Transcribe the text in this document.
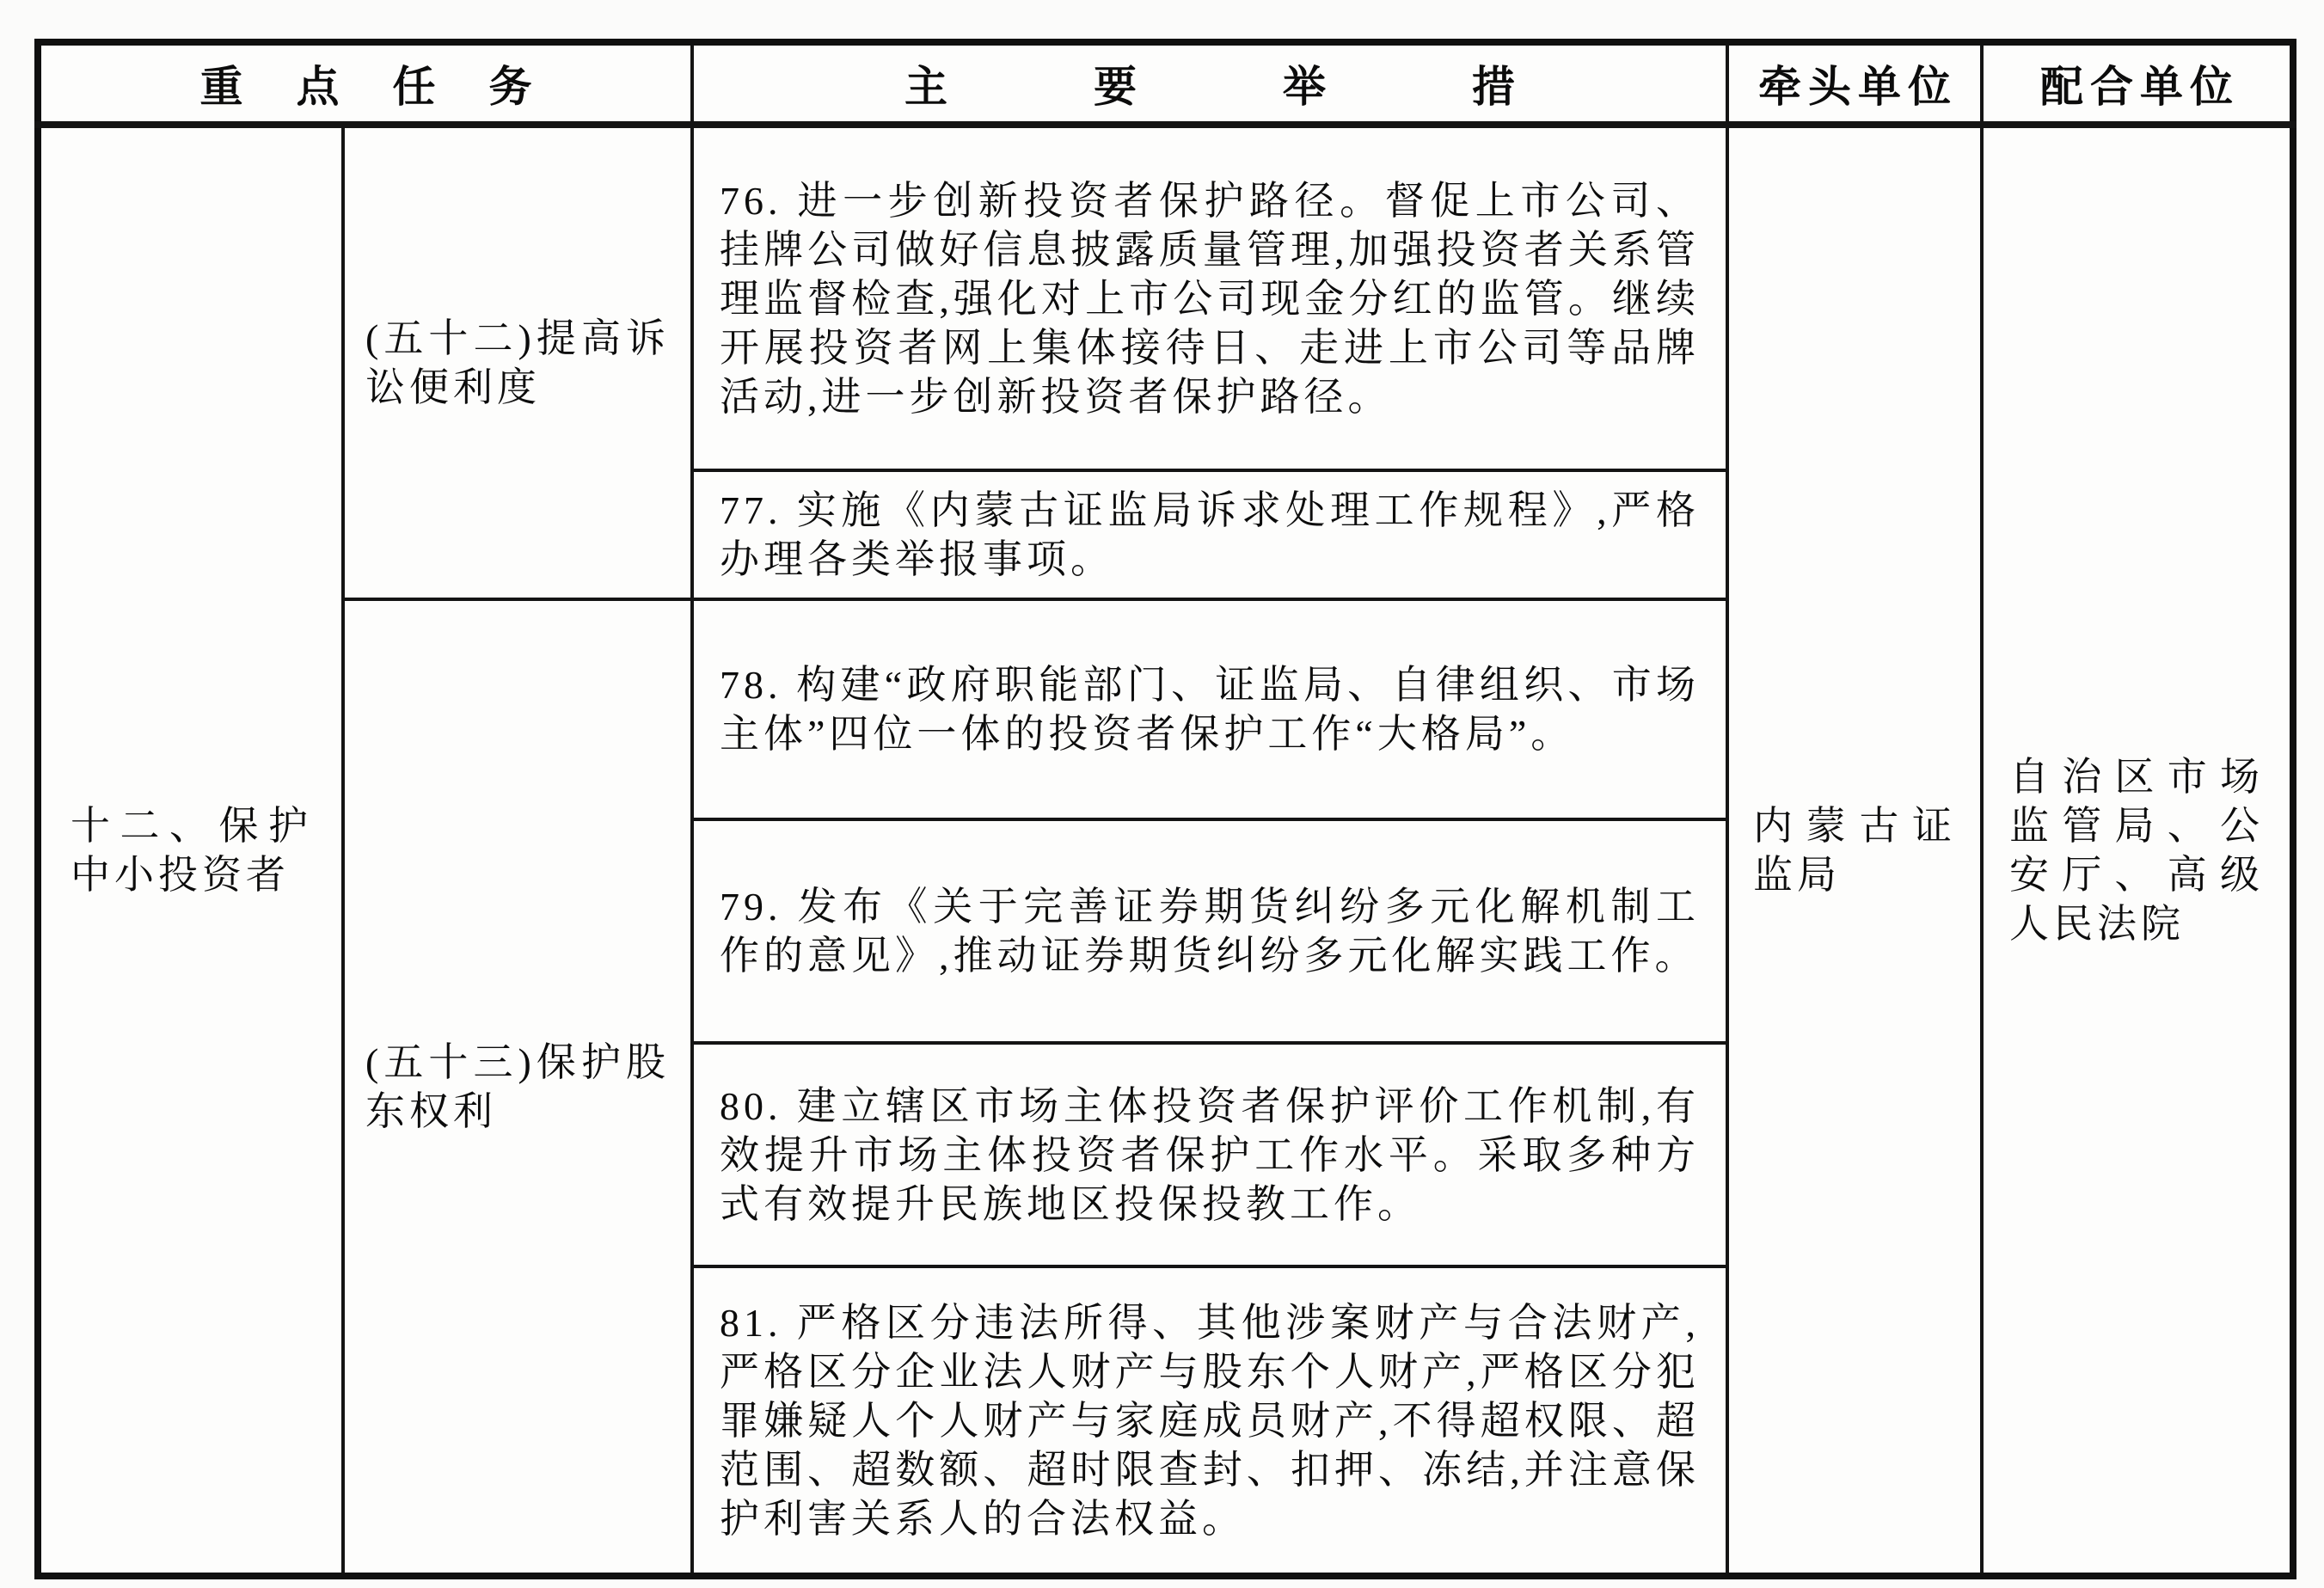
重点任务		主要举措	牵头单位	配合单位
十二、保护中小投资者	(五十二)提高诉讼便利度	76. 进一步创新投资者保护路径。督促上市公司、挂牌公司做好信息披露质量管理,加强投资者关系管理监督检查,强化对上市公司现金分红的监管。继续开展投资者网上集体接待日、走进上市公司等品牌活动,进一步创新投资者保护路径。	内蒙古证监局	自治区市场监管局、公安厅、高级人民法院
		77. 实施《内蒙古证监局诉求处理工作规程》,严格办理各类举报事项。		
	(五十三)保护股东权利	78. 构建“政府职能部门、证监局、自律组织、市场主体”四位一体的投资者保护工作“大格局”。		
		79. 发布《关于完善证券期货纠纷多元化解机制工作的意见》,推动证券期货纠纷多元化解实践工作。		
		80. 建立辖区市场主体投资者保护评价工作机制,有效提升市场主体投资者保护工作水平。采取多种方式有效提升民族地区投保投教工作。		
		81. 严格区分违法所得、其他涉案财产与合法财产,严格区分企业法人财产与股东个人财产,严格区分犯罪嫌疑人个人财产与家庭成员财产,不得超权限、超范围、超数额、超时限查封、扣押、冻结,并注意保护利害关系人的合法权益。		
